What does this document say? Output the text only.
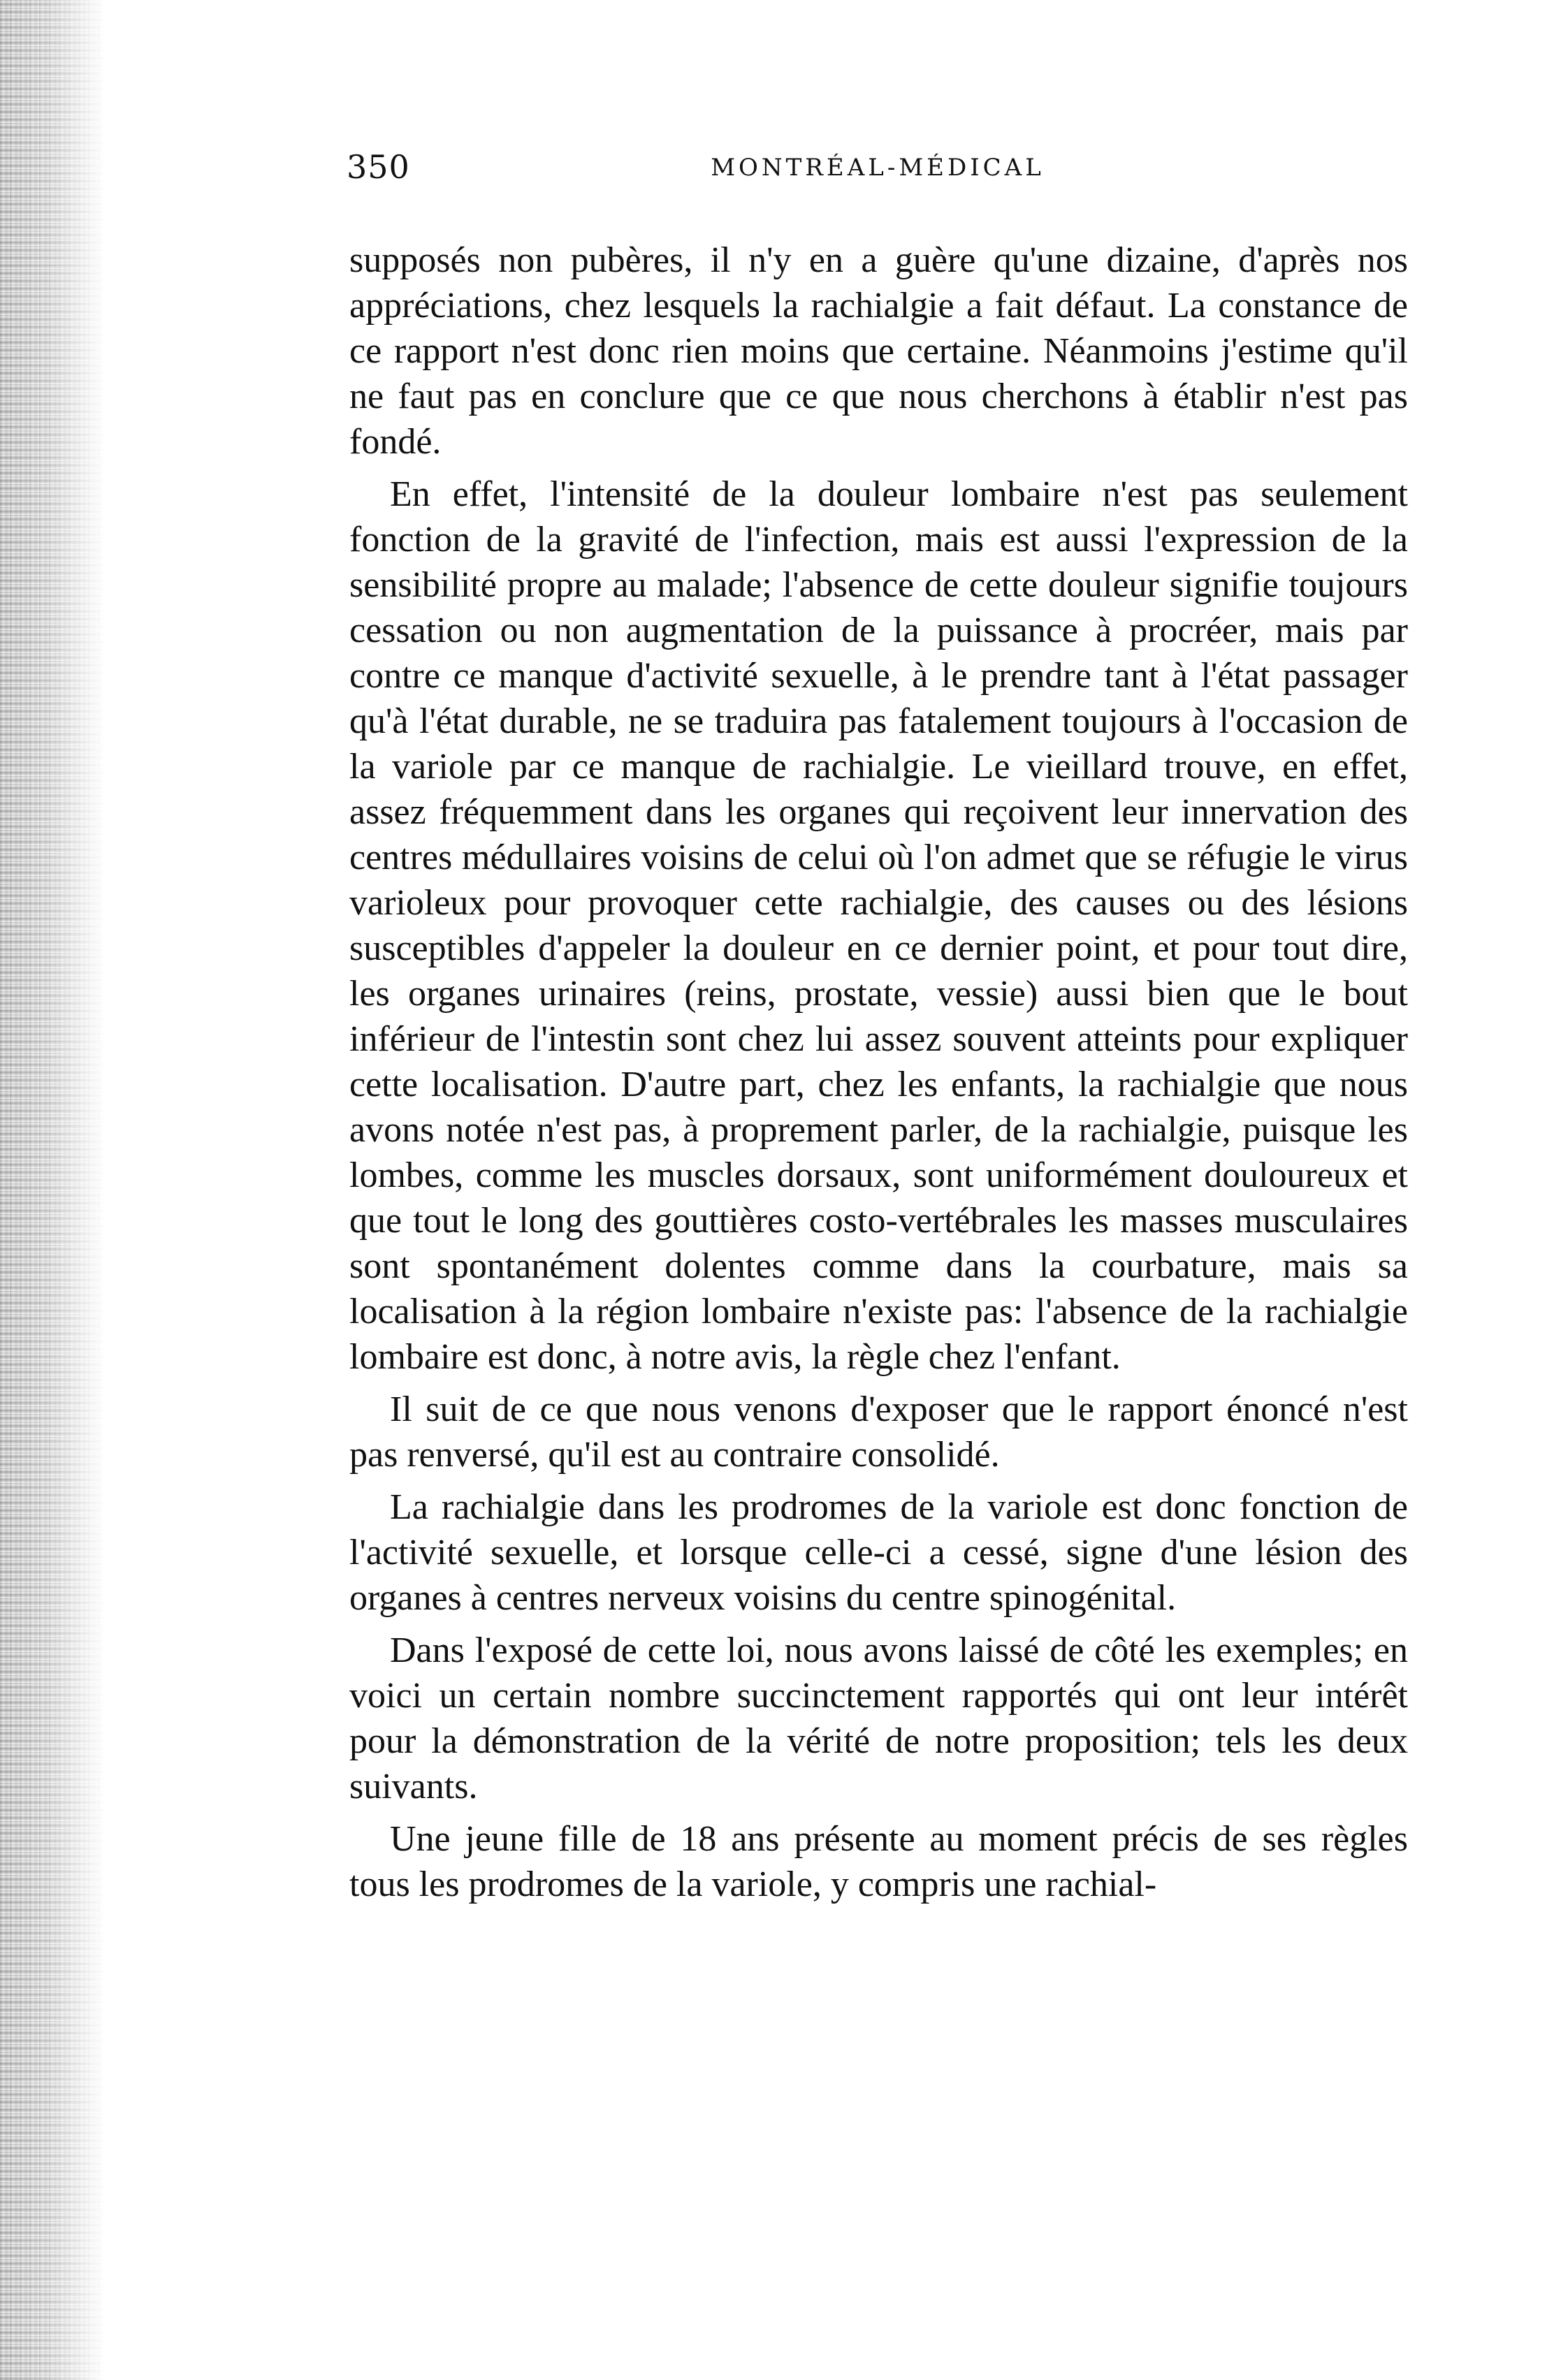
350	MONTRÉAL-MÉDICAL

supposés non pubères, il n'y en a guère qu'une dizaine, d'après nos appréciations, chez lesquels la rachialgie a fait défaut. La constance de ce rapport n'est donc rien moins que certaine. Néanmoins j'estime qu'il ne faut pas en conclure que ce que nous cherchons à établir n'est pas fondé.

En effet, l'intensité de la douleur lombaire n'est pas seulement fonction de la gravité de l'infection, mais est aussi l'expression de la sensibilité propre au malade; l'absence de cette douleur signifie toujours cessation ou non augmentation de la puissance à procréer, mais par contre ce manque d'activité sexuelle, à le prendre tant à l'état passager qu'à l'état durable, ne se traduira pas fatalement toujours à l'occasion de la variole par ce manque de rachialgie. Le vieillard trouve, en effet, assez fréquemment dans les organes qui reçoivent leur innervation des centres médullaires voisins de celui où l'on admet que se réfugie le virus varioleux pour provoquer cette rachialgie, des causes ou des lésions susceptibles d'appeler la douleur en ce dernier point, et pour tout dire, les organes urinaires (reins, prostate, vessie) aussi bien que le bout inférieur de l'intestin sont chez lui assez souvent atteints pour expliquer cette localisation. D'autre part, chez les enfants, la rachialgie que nous avons notée n'est pas, à proprement parler, de la rachialgie, puisque les lombes, comme les muscles dorsaux, sont uniformément douloureux et que tout le long des gouttières costo-vertébrales les masses musculaires sont spontanément dolentes comme dans la courbature, mais sa localisation à la région lombaire n'existe pas: l'absence de la rachialgie lombaire est donc, à notre avis, la règle chez l'enfant.

Il suit de ce que nous venons d'exposer que le rapport énoncé n'est pas renversé, qu'il est au contraire consolidé.

La rachialgie dans les prodromes de la variole est donc fonction de l'activité sexuelle, et lorsque celle-ci a cessé, signe d'une lésion des organes à centres nerveux voisins du centre spinogénital.

Dans l'exposé de cette loi, nous avons laissé de côté les exemples; en voici un certain nombre succinctement rapportés qui ont leur intérêt pour la démonstration de la vérité de notre proposition; tels les deux suivants.

Une jeune fille de 18 ans présente au moment précis de ses règles tous les prodromes de la variole, y compris une rachial-
